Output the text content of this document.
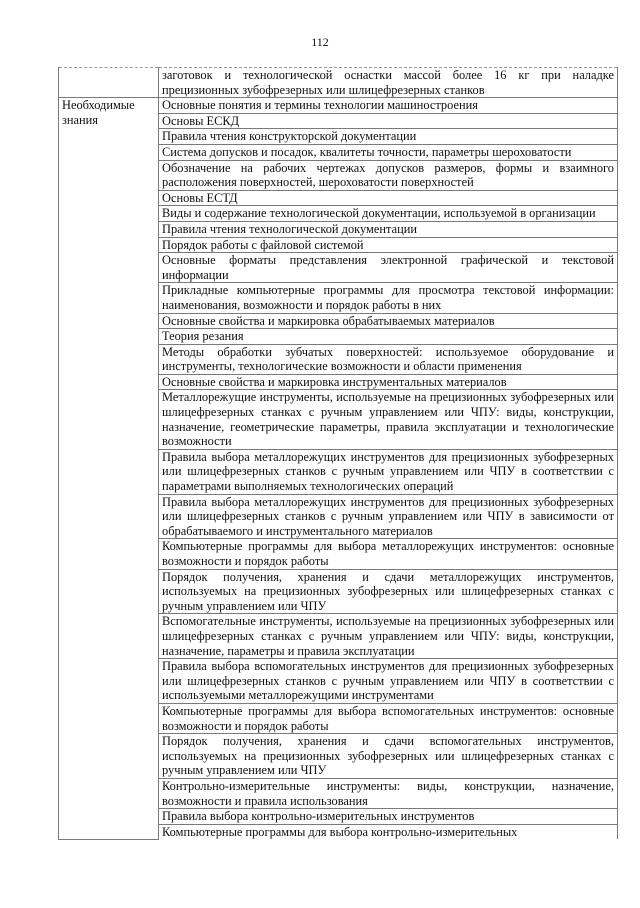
112
	заготовок и технологической оснастки массой более 16 кг при наладке прецизионных зубофрезерных или шлицефрезерных станков
Необходимые знания	Основные понятия и термины технологии машиностроения
	Основы ЕСКД
	Правила чтения конструкторской документации
	Система допусков и посадок, квалитеты точности, параметры шероховатости
	Обозначение на рабочих чертежах допусков размеров, формы и взаимного расположения поверхностей, шероховатости поверхностей
	Основы ЕСТД
	Виды и содержание технологической документации, используемой в организации
	Правила чтения технологической документации
	Порядок работы с файловой системой
	Основные форматы представления электронной графической и текстовой информации
	Прикладные компьютерные программы для просмотра текстовой информации: наименования, возможности и порядок работы в них
	Основные свойства и маркировка обрабатываемых материалов
	Теория резания
	Методы обработки зубчатых поверхностей: используемое оборудование и инструменты, технологические возможности и области применения
	Основные свойства и маркировка инструментальных материалов
	Металлорежущие инструменты, используемые на прецизионных зубофрезерных или шлицефрезерных станках с ручным управлением или ЧПУ: виды, конструкции, назначение, геометрические параметры, правила эксплуатации и технологические возможности
	Правила выбора металлорежущих инструментов для прецизионных зубофрезерных или шлицефрезерных станков с ручным управлением или ЧПУ в соответствии с параметрами выполняемых технологических операций
	Правила выбора металлорежущих инструментов для прецизионных зубофрезерных или шлицефрезерных станков с ручным управлением или ЧПУ в зависимости от обрабатываемого и инструментального материалов
	Компьютерные программы для выбора металлорежущих инструментов: основные возможности и порядок работы
	Порядок получения, хранения и сдачи металлорежущих инструментов, используемых на прецизионных зубофрезерных или шлицефрезерных станках с ручным управлением или ЧПУ
	Вспомогательные инструменты, используемые на прецизионных зубофрезерных или шлицефрезерных станках с ручным управлением или ЧПУ: виды, конструкции, назначение, параметры и правила эксплуатации
	Правила выбора вспомогательных инструментов для прецизионных зубофрезерных или шлицефрезерных станков с ручным управлением или ЧПУ в соответствии с используемыми металлорежущими инструментами
	Компьютерные программы для выбора вспомогательных инструментов: основные возможности и порядок работы
	Порядок получения, хранения и сдачи вспомогательных инструментов, используемых на прецизионных зубофрезерных или шлицефрезерных станках с ручным управлением или ЧПУ
	Контрольно-измерительные инструменты: виды, конструкции, назначение, возможности и правила использования
	Правила выбора контрольно-измерительных инструментов
	Компьютерные программы для выбора контрольно-измерительных
